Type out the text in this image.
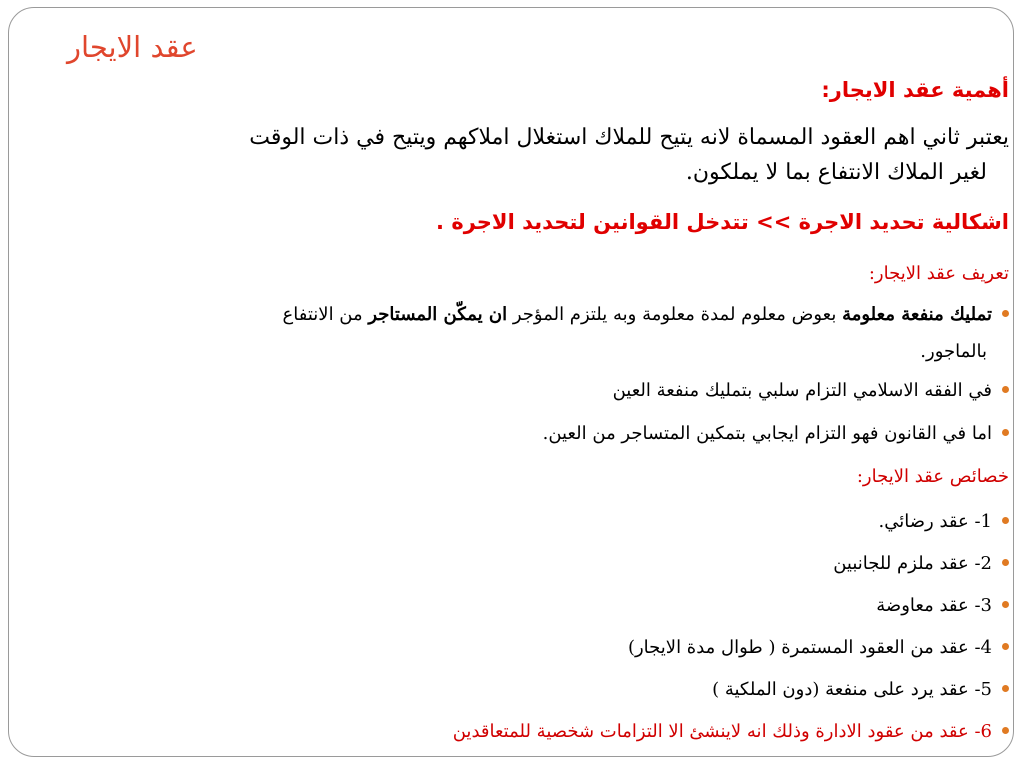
عقد الايجار
أهمية عقد الايجار:
يعتبر ثاني اهم العقود المسماة لانه يتيح للملاك استغلال املاكهم ويتيح في ذات الوقت
لغير الملاك الانتفاع بما لا يملكون.
اشكالية تحديد الاجرة >> تتدخل القوانين لتحديد الاجرة .
تعريف عقد الايجار:
تمليك منفعة معلومة بعوض معلوم لمدة معلومة وبه يلتزم المؤجر ان يمكّن المستاجر من الانتفاع
بالماجور.
في الفقه الاسلامي التزام سلبي بتمليك منفعة العين
اما في القانون فهو التزام ايجابي بتمكين المتساجر من العين.
خصائص عقد الايجار:
1- عقد رضائي.
2- عقد ملزم للجانبين
3- عقد معاوضة
4- عقد من العقود المستمرة ( طوال مدة الايجار)
5- عقد يرد على منفعة (دون الملكية )
6- عقد من عقود الادارة وذلك انه لاينشئ الا التزامات شخصية للمتعاقدين
